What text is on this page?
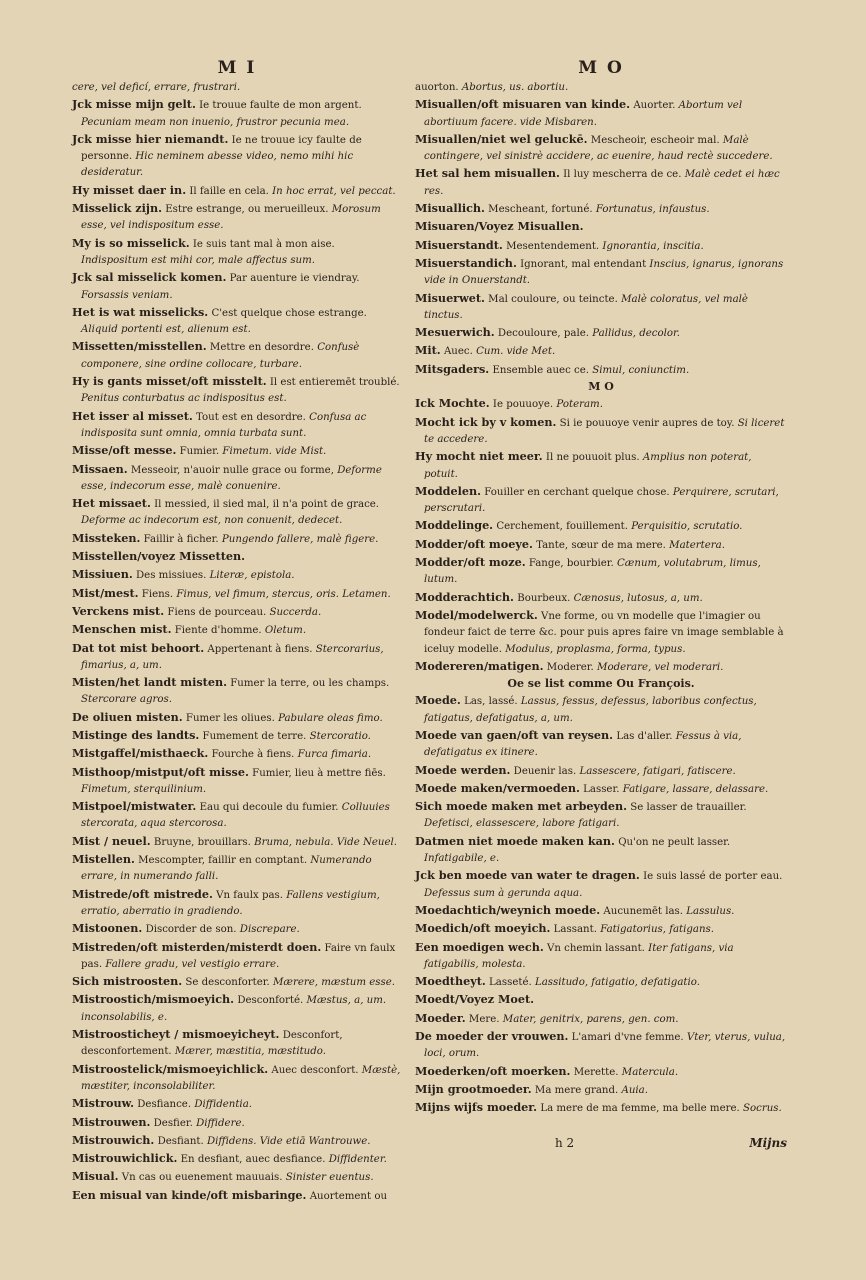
M I

cere, vel deficí, errare, frustrari.

Jck misse mijn gelt. Ie trouue faulte de mon argent. Pecuniam meam non inuenio, frustror pecunia mea.

Jck misse hier niemandt. Ie ne trouue icy faulte de personne. Hic neminem abesse video, nemo mihi hic desideratur.

Hy misset daer in. Il faille en cela. In hoc errat, vel peccat.

Misselick zijn. Estre estrange, ou merueilleux. Morosum esse, vel indispositum esse.

My is so misselick. Ie suis tant mal à mon aise. Indispositum est mihi cor, male affectus sum.

Jck sal misselick komen. Par auenture ie viendray. Forsassis veniam.

Het is wat misselicks. C'est quelque chose estrange. Aliquid portenti est, alienum est.

Missetten/misstellen. Mettre en desordre. Confusè componere, sine ordine collocare, turbare.

Hy is gants misset/oft misstelt. Il est entieremēt troublé. Penitus conturbatus ac indispositus est.

Het isser al misset. Tout est en desordre. Confusa ac indisposita sunt omnia, omnia turbata sunt.

Misse/oft messe. Fumier. Fimetum. vide Mist.

Missaen. Messeoir, n'auoir nulle grace ou forme, Deforme esse, indecorum esse, malè conuenire.

Het missaet. Il messied, il sied mal, il n'a point de grace. Deforme ac indecorum est, non conuenit, dedecet.

Missteken. Faillir à ficher. Pungendo fallere, malè figere.

Misstellen/voyez Missetten.

Missiuen. Des missiues. Literæ, epistola.

Mist/mest. Fiens. Fimus, vel fimum, stercus, oris. Letamen.

Verckens mist. Fiens de pourceau. Succerda.

Menschen mist. Fiente d'homme. Oletum.

Dat tot mist behoort. Appertenant à fiens. Stercorarius, fimarius, a, um.

Misten/het landt misten. Fumer la terre, ou les champs. Stercorare agros.

De oliuen misten. Fumer les oliues. Pabulare oleas fimo.

Mistinge des landts. Fumement de terre. Stercoratio.

Mistgaffel/misthaeck. Fourche à fiens. Furca fimaria.

Misthoop/mistput/oft misse. Fumier, lieu à mettre fiēs. Fimetum, sterquilinium.

Mistpoel/mistwater. Eau qui decoule du fumier. Colluuies stercorata, aqua stercorosa.

Mist / neuel. Bruyne, brouillars. Bruma, nebula. Vide Neuel.

Mistellen. Mescompter, faillir en comptant. Numerando errare, in numerando falli.

Mistrede/oft mistrede. Vn faulx pas. Fallens vestigium, erratio, aberratio in gradiendo.

Mistoonen. Discorder de son. Discrepare.

Mistreden/oft misterden/misterdt doen. Faire vn faulx pas. Fallere gradu, vel vestigio errare.

Sich mistroosten. Se desconforter. Mærere, mæstum esse.

Mistroostich/mismoeyich. Desconforté. Mæstus, a, um. inconsolabilis, e.

Mistroosticheyt / mismoeyicheyt. Desconfort, desconfortement. Mærer, mæstitia, mæstitudo.

Mistroostelick/mismoeyichlick. Auec desconfort. Mæstè, mæstiter, inconsolabiliter.

Mistrouw. Desfiance. Diffidentia.

Mistrouwen. Desfier. Diffidere.

Mistrouwich. Desfiant. Diffidens. Vide etiā Wantrouwe.

Mistrouwichlick. En desfiant, auec desfiance. Diffidenter.

Misual. Vn cas ou euenement mauuais. Sinister euentus.

Een misual van kinde/oft misbaringe. Auortement ou

M O

auorton. Abortus, us. abortiu.

Misuallen/oft misuaren van kinde. Auorter. Abortum vel abortiuum facere. vide Misbaren.

Misuallen/niet wel geluckē. Mescheoir, escheoir mal. Malè contingere, vel sinistrè accidere, ac euenire, haud rectè succedere.

Het sal hem misuallen. Il luy mescherra de ce. Malè cedet ei hæc res.

Misuallich. Mescheant, fortuné. Fortunatus, infaustus.

Misuaren/Voyez Misuallen.

Misuerstandt. Mesentendement. Ignorantia, inscitia.

Misuerstandich. Ignorant, mal entendant Inscius, ignarus, ignorans vide in Onuerstandt.

Misuerwet. Mal couloure, ou teincte. Malè coloratus, vel malè tinctus.

Mesuerwich. Decouloure, pale. Pallidus, decolor.

Mit. Auec. Cum. vide Met.

Mitsgaders. Ensemble auec ce. Simul, coniunctim.

M O

Ick Mochte. Ie pouuoye. Poteram.

Mocht ick by v komen. Si ie pouuoye venir aupres de toy. Si liceret te accedere.

Hy mocht niet meer. Il ne pouuoit plus. Amplius non poterat, potuit.

Moddelen. Fouiller en cerchant quelque chose. Perquirere, scrutari, perscrutari.

Moddelinge. Cerchement, fouillement. Perquisitio, scrutatio.

Modder/oft moeye. Tante, sœur de ma mere. Matertera.

Modder/oft moze. Fange, bourbier. Cænum, volutabrum, limus, lutum.

Modderachtich. Bourbeux. Cænosus, lutosus, a, um.

Model/modelwerck. Vne forme, ou vn modelle que l'imagier ou fondeur faict de terre &c. pour puis apres faire vn image semblable à iceluy modelle. Modulus, proplasma, forma, typus.

Modereren/matigen. Moderer. Moderare, vel moderari.

Oe se list comme Ou François.

Moede. Las, lassé. Lassus, fessus, defessus, laboribus confectus, fatigatus, defatigatus, a, um.

Moede van gaen/oft van reysen. Las d'aller. Fessus à via, defatigatus ex itinere.

Moede werden. Deuenir las. Lassescere, fatigari, fatiscere.

Moede maken/vermoeden. Lasser. Fatigare, lassare, delassare.

Sich moede maken met arbeyden. Se lasser de trauailler. Defetisci, elassescere, labore fatigari.

Datmen niet moede maken kan. Qu'on ne peult lasser. Infatigabile, e.

Jck ben moede van water te dragen. Ie suis lassé de porter eau. Defessus sum à gerunda aqua.

Moedachtich/weynich moede. Aucunemēt las. Lassulus.

Moedich/oft moeyich. Lassant. Fatigatorius, fatigans.

Een moedigen wech. Vn chemin lassant. Iter fatigans, via fatigabilis, molesta.

Moedtheyt. Lasseté. Lassitudo, fatigatio, defatigatio.

Moedt/Voyez Moet.

Moeder. Mere. Mater, genitrix, parens, gen. com.

De moeder der vrouwen. L'amari d'vne femme. Vter, vterus, vulua, loci, orum.

Moederken/oft moerken. Merette. Matercula.

Mijn grootmoeder. Ma mere grand. Auia.

Mijns wijfs moeder. La mere de ma femme, ma belle mere. Socrus.

h 2	Mijns
